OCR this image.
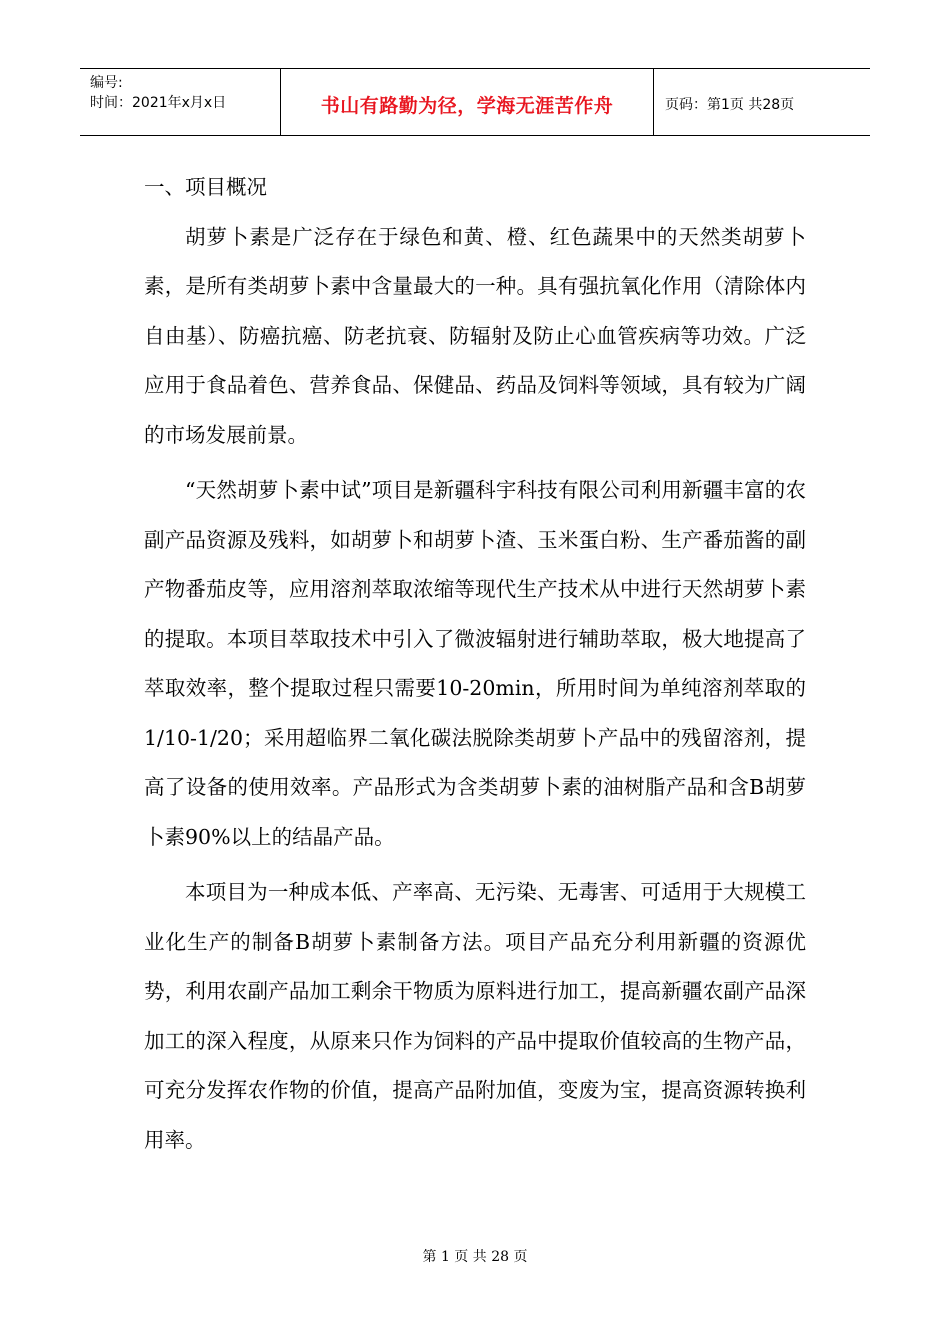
编号:
时间：2021年x月x日	书山有路勤为径，学海无涯苦作舟	页码：第1页 共28页
一、项目概况

胡萝卜素是广泛存在于绿色和黄、橙、红色蔬果中的天然类胡萝卜素，是所有类胡萝卜素中含量最大的一种。具有强抗氧化作用（清除体内自由基）、防癌抗癌、防老抗衰、防辐射及防止心血管疾病等功效。广泛应用于食品着色、营养食品、保健品、药品及饲料等领域，具有较为广阔的市场发展前景。

“天然胡萝卜素中试”项目是新疆科宇科技有限公司利用新疆丰富的农副产品资源及残料，如胡萝卜和胡萝卜渣、玉米蛋白粉、生产番茄酱的副产物番茄皮等，应用溶剂萃取浓缩等现代生产技术从中进行天然胡萝卜素的提取。本项目萃取技术中引入了微波辐射进行辅助萃取，极大地提高了萃取效率，整个提取过程只需要10-20min，所用时间为单纯溶剂萃取的1/10-1/20；采用超临界二氧化碳法脱除类胡萝卜产品中的残留溶剂，提高了设备的使用效率。产品形式为含类胡萝卜素的油树脂产品和含B胡萝卜素90%以上的结晶产品。

本项目为一种成本低、产率高、无污染、无毒害、可适用于大规模工业化生产的制备B胡萝卜素制备方法。项目产品充分利用新疆的资源优势，利用农副产品加工剩余干物质为原料进行加工，提高新疆农副产品深加工的深入程度，从原来只作为饲料的产品中提取价值较高的生物产品，可充分发挥农作物的价值，提高产品附加值，变废为宝，提高资源转换利用率。

第 1 页 共 28 页
